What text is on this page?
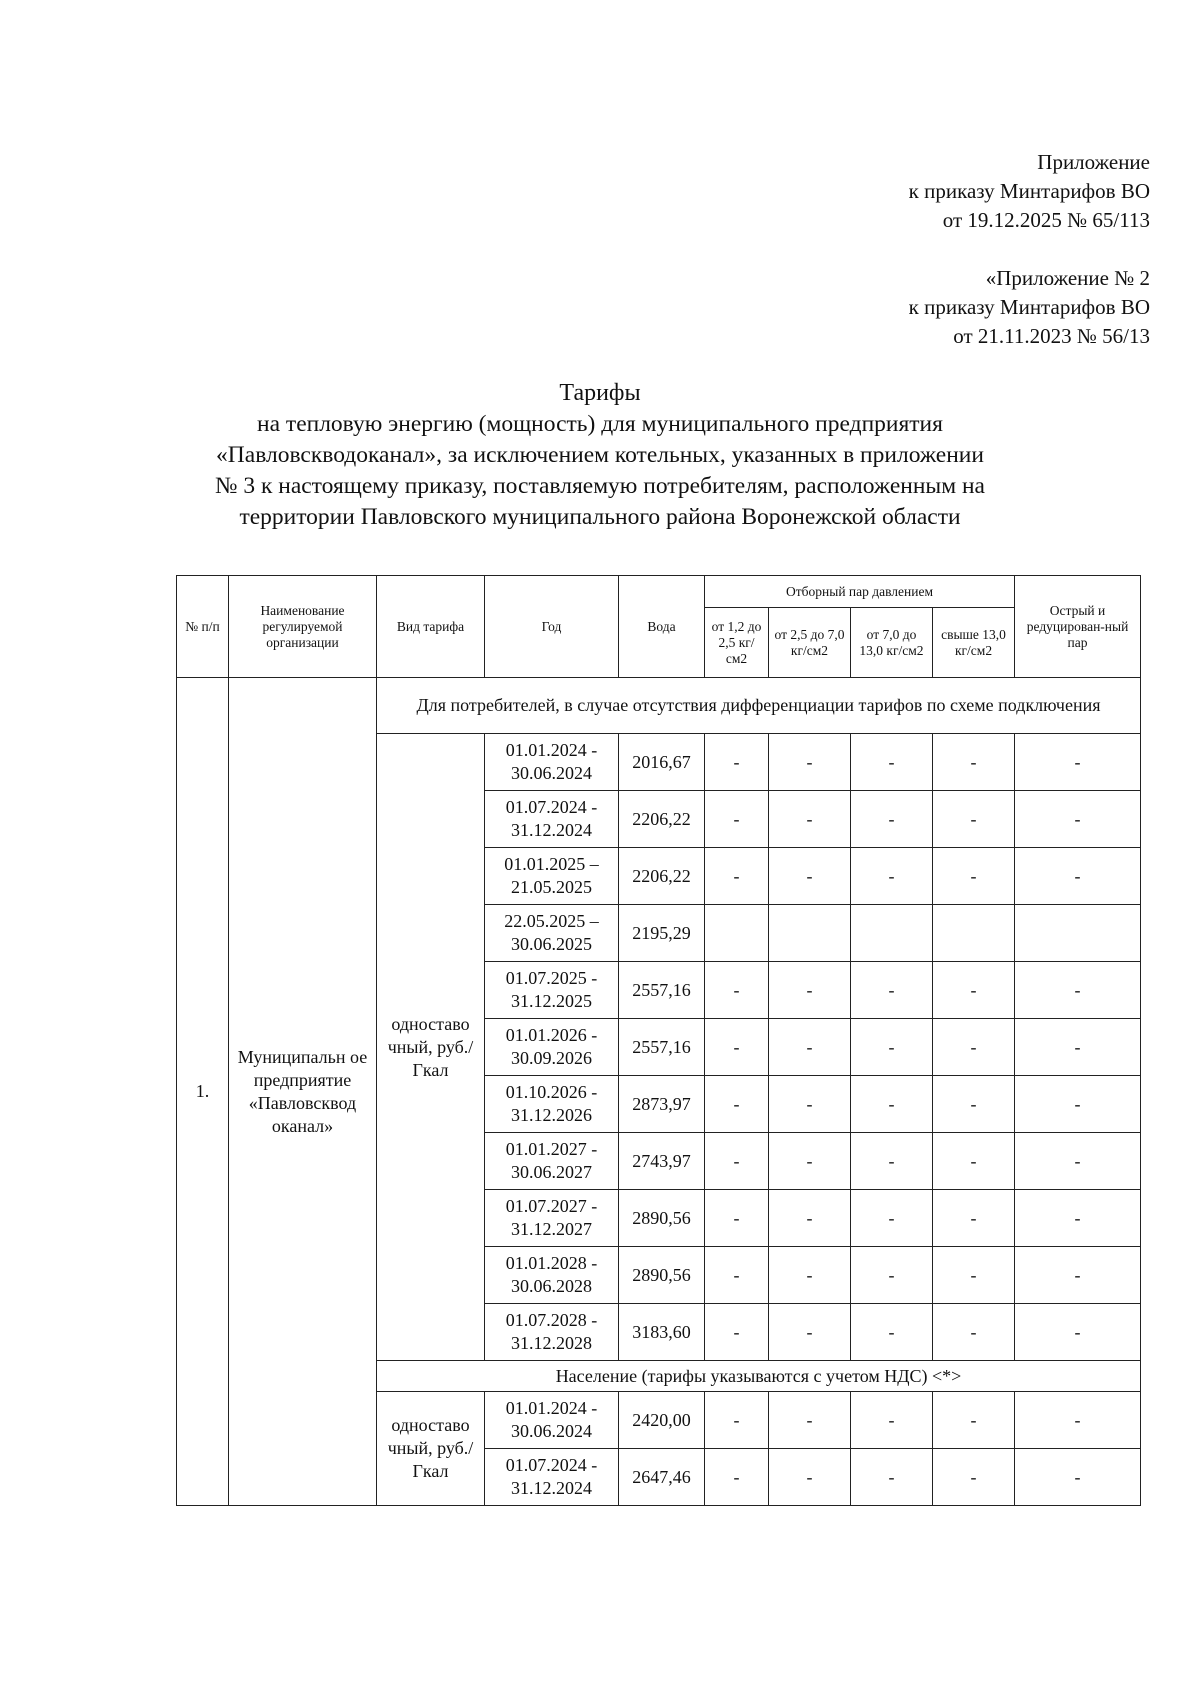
Приложение
к приказу Минтарифов ВО
от 19.12.2025 № 65/113
«Приложение № 2
к приказу Минтарифов ВО
от 21.11.2023 № 56/13
Тарифы
на тепловую энергию (мощность) для муниципального предприятия
«Павловскводоканал», за исключением котельных, указанных в приложении
№ 3 к настоящему приказу, поставляемую потребителям, расположенным на
территории Павловского муниципального района Воронежской области
№ п/п	Наименование регулируемой организации	Вид тарифа	Год	Вода	Отборный пар давлением				Острый и редуцирован-ный пар
					от 1,2 до 2,5 кг/см2	от 2,5 до 7,0 кг/см2	от 7,0 до 13,0 кг/см2	свыше 13,0 кг/см2	
1.	Муниципальн ое предприятие «Павловсквод оканал»	Для потребителей, в случае отсутствия дифференциации тарифов по схеме подключения							
		одноставо чный, руб./Гкал	01.01.2024 - 30.06.2024	2016,67	-	-	-	-	-
			01.07.2024 - 31.12.2024	2206,22	-	-	-	-	-
			01.01.2025 – 21.05.2025	2206,22	-	-	-	-	-
			22.05.2025 – 30.06.2025	2195,29					
			01.07.2025 - 31.12.2025	2557,16	-	-	-	-	-
			01.01.2026 - 30.09.2026	2557,16	-	-	-	-	-
			01.10.2026 - 31.12.2026	2873,97	-	-	-	-	-
			01.01.2027 - 30.06.2027	2743,97	-	-	-	-	-
			01.07.2027 - 31.12.2027	2890,56	-	-	-	-	-
			01.01.2028 - 30.06.2028	2890,56	-	-	-	-	-
			01.07.2028 - 31.12.2028	3183,60	-	-	-	-	-
		Население (тарифы указываются с учетом НДС) <*>							
		одноставо чный, руб./Гкал	01.01.2024 - 30.06.2024	2420,00	-	-	-	-	-
			01.07.2024 - 31.12.2024	2647,46	-	-	-	-	-
